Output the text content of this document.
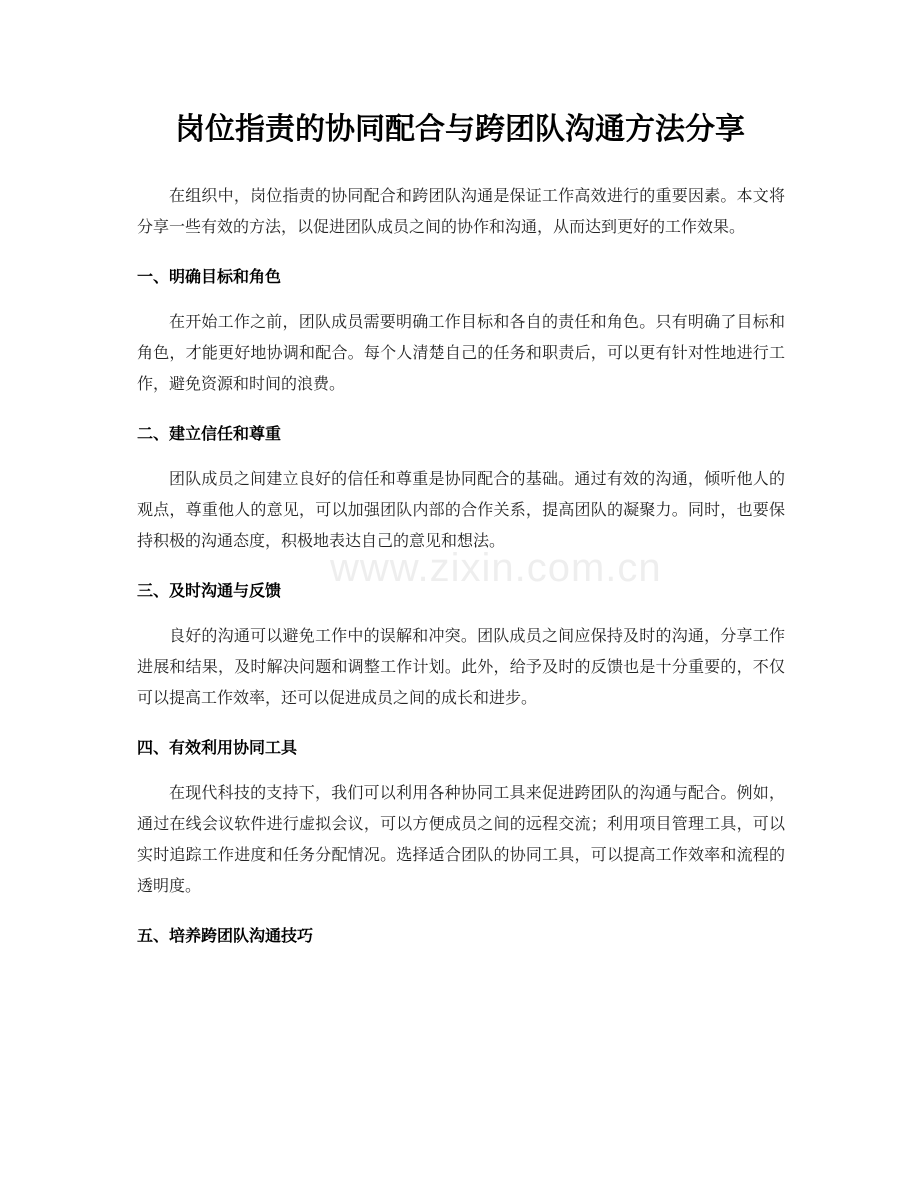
岗位指责的协同配合与跨团队沟通方法分享

在组织中，岗位指责的协同配合和跨团队沟通是保证工作高效进行的重要因素。本文将分享一些有效的方法，以促进团队成员之间的协作和沟通，从而达到更好的工作效果。

一、明确目标和角色

在开始工作之前，团队成员需要明确工作目标和各自的责任和角色。只有明确了目标和角色，才能更好地协调和配合。每个人清楚自己的任务和职责后，可以更有针对性地进行工作，避免资源和时间的浪费。

二、建立信任和尊重

团队成员之间建立良好的信任和尊重是协同配合的基础。通过有效的沟通，倾听他人的观点，尊重他人的意见，可以加强团队内部的合作关系，提高团队的凝聚力。同时，也要保持积极的沟通态度，积极地表达自己的意见和想法。

三、及时沟通与反馈

良好的沟通可以避免工作中的误解和冲突。团队成员之间应保持及时的沟通，分享工作进展和结果，及时解决问题和调整工作计划。此外，给予及时的反馈也是十分重要的，不仅可以提高工作效率，还可以促进成员之间的成长和进步。

四、有效利用协同工具

在现代科技的支持下，我们可以利用各种协同工具来促进跨团队的沟通与配合。例如，通过在线会议软件进行虚拟会议，可以方便成员之间的远程交流；利用项目管理工具，可以实时追踪工作进度和任务分配情况。选择适合团队的协同工具，可以提高工作效率和流程的透明度。

五、培养跨团队沟通技巧
www.zixin.com.cn
